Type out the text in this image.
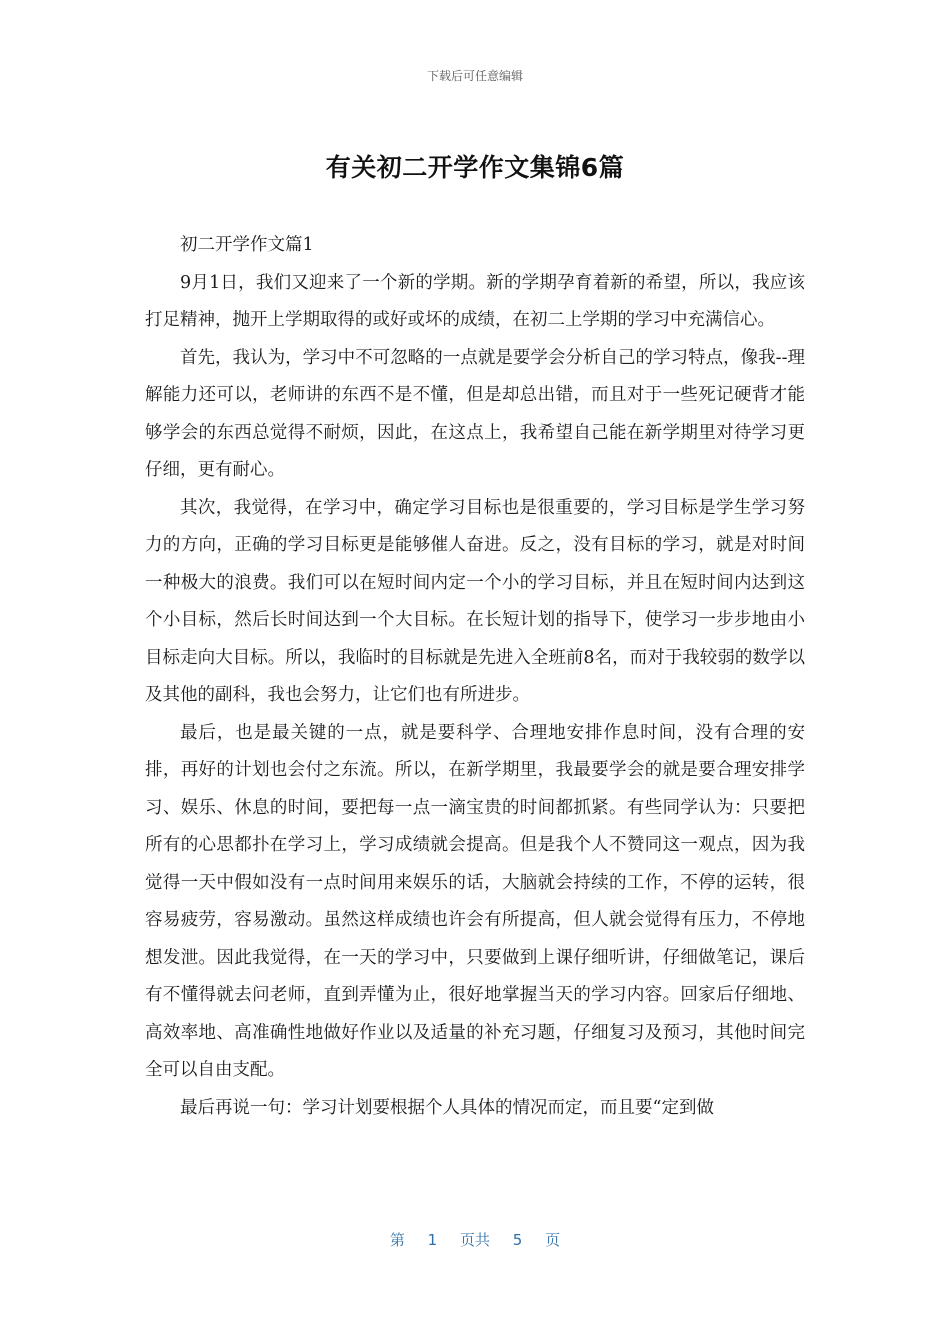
下载后可任意编辑
有关初二开学作文集锦6篇

初二开学作文篇1

9月1日，我们又迎来了一个新的学期。新的学期孕育着新的希望，所以，我应该打足精神，抛开上学期取得的或好或坏的成绩，在初二上学期的学习中充满信心。

首先，我认为，学习中不可忽略的一点就是要学会分析自己的学习特点，像我--理解能力还可以，老师讲的东西不是不懂，但是却总出错，而且对于一些死记硬背才能够学会的东西总觉得不耐烦，因此，在这点上，我希望自己能在新学期里对待学习更仔细，更有耐心。

其次，我觉得，在学习中，确定学习目标也是很重要的，学习目标是学生学习努力的方向，正确的学习目标更是能够催人奋进。反之，没有目标的学习，就是对时间一种极大的浪费。我们可以在短时间内定一个小的学习目标，并且在短时间内达到这个小目标，然后长时间达到一个大目标。在长短计划的指导下，使学习一步步地由小目标走向大目标。所以，我临时的目标就是先进入全班前8名，而对于我较弱的数学以及其他的副科，我也会努力，让它们也有所进步。

最后，也是最关键的一点，就是要科学、合理地安排作息时间，没有合理的安排，再好的计划也会付之东流。所以，在新学期里，我最要学会的就是要合理安排学习、娱乐、休息的时间，要把每一点一滴宝贵的时间都抓紧。有些同学认为：只要把所有的心思都扑在学习上，学习成绩就会提高。但是我个人不赞同这一观点，因为我觉得一天中假如没有一点时间用来娱乐的话，大脑就会持续的工作，不停的运转，很容易疲劳，容易激动。虽然这样成绩也许会有所提高，但人就会觉得有压力，不停地想发泄。因此我觉得，在一天的学习中，只要做到上课仔细听讲，仔细做笔记，课后有不懂得就去问老师，直到弄懂为止，很好地掌握当天的学习内容。回家后仔细地、高效率地、高准确性地做好作业以及适量的补充习题，仔细复习及预习，其他时间完全可以自由支配。

最后再说一句：学习计划要根据个人具体的情况而定，而且要“定到做

第 1 页共 5 页
